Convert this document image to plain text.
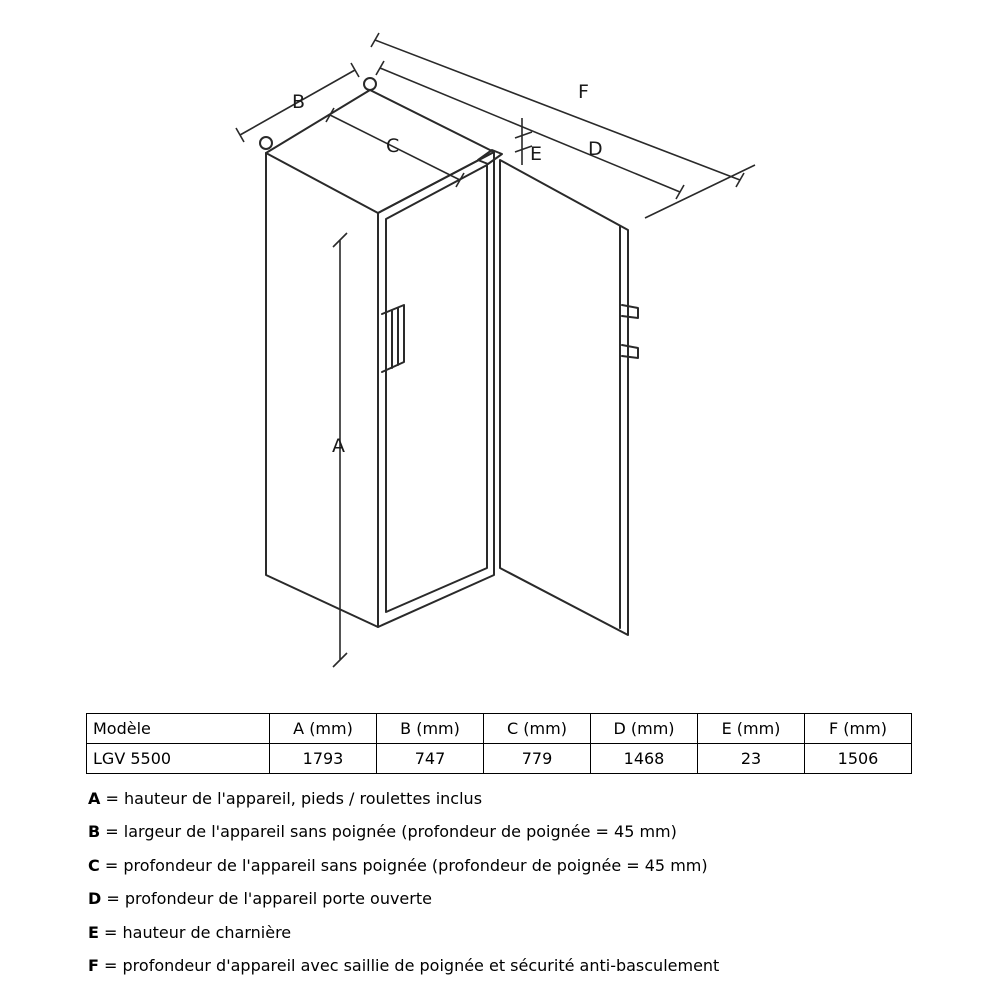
A
B
C	D
E
F
Modèle	A (mm)	B (mm)	C (mm)	D (mm)	E (mm)	F (mm)
LGV 5500	1793	747	779	1468	23	1506
A = hauteur de l'appareil, pieds / roulettes inclus
B = largeur de l'appareil sans poignée (profondeur de poignée = 45 mm)
C = profondeur de l'appareil sans poignée (profondeur de poignée = 45 mm)
D = profondeur de l'appareil porte ouverte
E = hauteur de charnière
F = profondeur d'appareil avec saillie de poignée et sécurité anti-basculement
